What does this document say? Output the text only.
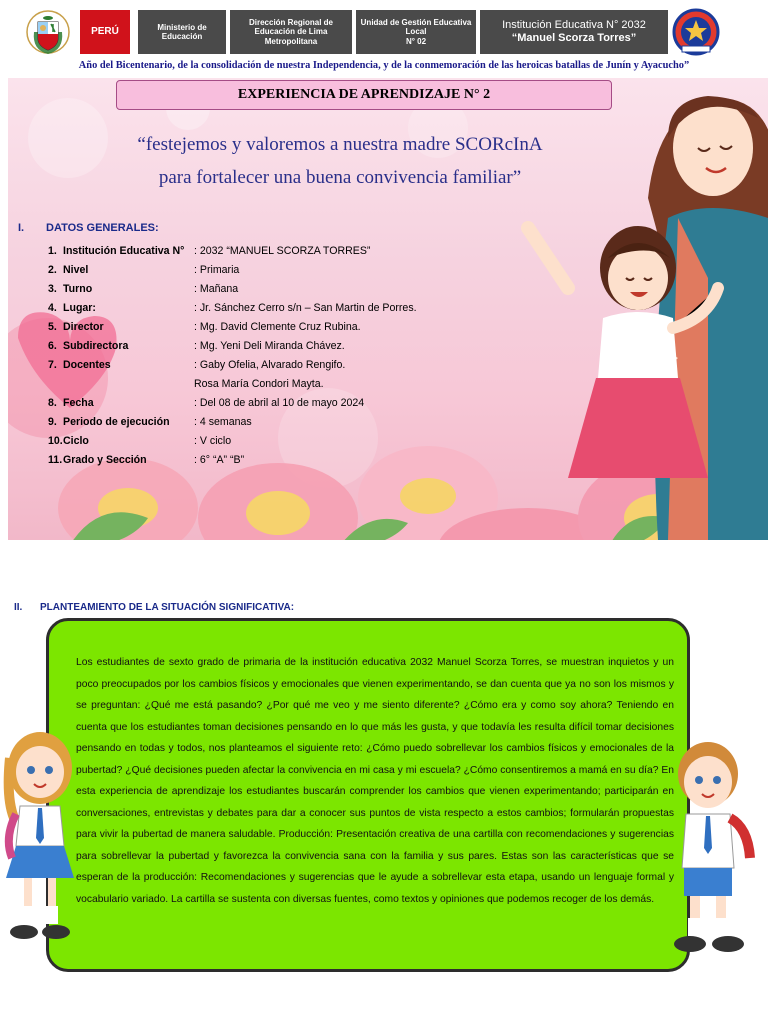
PERÚ	Ministerio de Educación
Dirección Regional de Educación de Lima Metropolitana
Unidad de Gestión Educativa Local
N° 02
Institución Educativa N° 2032
“Manuel Scorza Torres”
Año del Bicentenario, de la consolidación de nuestra Independencia, y de la conmemoración de las heroicas batallas de Junín y Ayacucho”
EXPERIENCIA DE APRENDIZAJE N° 2
“festejemos y valoremos a nuestra madre SCORcInA
para fortalecer una buena convivencia familiar”
I. DATOS GENERALES:
1. Institución Educativa N° : 2032 “MANUEL SCORZA TORRES”
2. Nivel	: Primaria
3. Turno	: Mañana
4. Lugar:	: Jr. Sánchez Cerro s/n – San Martin de Porres.
5. Director	: Mg. David Clemente Cruz Rubina.
6. Subdirectora	: Mg. Yeni Deli Miranda Chávez.
7. Docentes	: Gaby Ofelia, Alvarado Rengifo.
Rosa María Condori Mayta.
8. Fecha	: Del 08 de abril al 10 de mayo 2024
9. Periodo de ejecución : 4 semanas
10. Ciclo	: V ciclo
11. Grado y Sección	: 6° “A” “B”
II. PLANTEAMIENTO DE LA SITUACIÓN SIGNIFICATIVA:
Los estudiantes de sexto grado de primaria de la institución educativa 2032 Manuel Scorza Torres, se muestran inquietos y un poco preocupados por los cambios físicos y emocionales que vienen experimentando, se dan cuenta que ya no son los mismos y se preguntan: ¿Qué me está pasando? ¿Por qué me veo y me siento diferente? ¿Cómo era y como soy ahora? Teniendo en cuenta que los estudiantes toman decisiones pensando en lo que más les gusta, y que todavía les resulta difícil tomar decisiones pensando en todas y todos, nos planteamos el siguiente reto: ¿Cómo puedo sobrellevar los cambios físicos y emocionales de la pubertad? ¿Qué decisiones pueden afectar la convivencia en mi casa y mi escuela? ¿Cómo consentiremos a mamá en su día? En esta experiencia de aprendizaje los estudiantes buscarán comprender los cambios que vienen experimentando; participarán en conversaciones, entrevistas y debates para dar a conocer sus puntos de vista respecto a estos cambios; formularán propuestas para vivir la pubertad de manera saludable. Producción: Presentación creativa de una cartilla con recomendaciones y sugerencias para sobrellevar la pubertad y favorezca la convivencia sana con la familia y sus pares. Estas son las características que se esperan de la producción: Recomendaciones y sugerencias que le ayude a sobrellevar esta etapa, usando un lenguaje formal y vocabulario variado. La cartilla se sustenta con diversas fuentes, como textos y opiniones que podemos recoger de los demás.
